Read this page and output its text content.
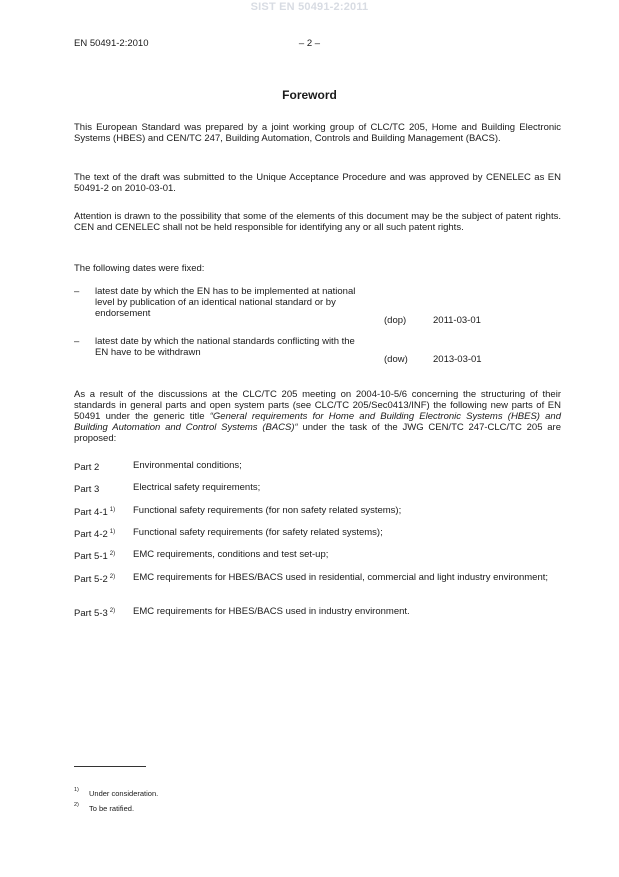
SIST EN 50491-2:2011
EN 50491-2:2010	– 2 –
Foreword
This European Standard was prepared by a joint working group of CLC/TC 205, Home and Building Electronic Systems (HBES) and CEN/TC 247, Building Automation, Controls and Building Management (BACS).
The text of the draft was submitted to the Unique Acceptance Procedure and was approved by CENELEC as EN 50491-2 on 2010-03-01.
Attention is drawn to the possibility that some of the elements of this document may be the subject of patent rights. CEN and CENELEC shall not be held responsible for identifying any or all such patent rights.
The following dates were fixed:
– latest date by which the EN has to be implemented at national level by publication of an identical national standard or by endorsement
(dop)	2011-03-01
– latest date by which the national standards conflicting with the EN have to be withdrawn
(dow)	2013-03-01
As a result of the discussions at the CLC/TC 205 meeting on 2004-10-5/6 concerning the structuring of their standards in general parts and open system parts (see CLC/TC 205/Sec0413/INF) the following new parts of EN 50491 under the generic title “General requirements for Home and Building Electronic Systems (HBES) and Building Automation and Control Systems (BACS)“ under the task of the JWG CEN/TC 247-CLC/TC 205 are proposed:
Part 2	Environmental conditions;
Part 3	Electrical safety requirements;
Part 4-1 $^{1)}$	Functional safety requirements (for non safety related systems);
Part 4-2 $^{1)}$	Functional safety requirements (for safety related systems);
Part 5-1 $^{2)}$	EMC requirements, conditions and test set-up;
Part 5-2 $^{2)}$	EMC requirements for HBES/BACS used in residential, commercial and light industry environment;
Part 5-3 $^{2)}$	EMC requirements for HBES/BACS used in industry environment.
1) Under consideration.
2) To be ratified.
